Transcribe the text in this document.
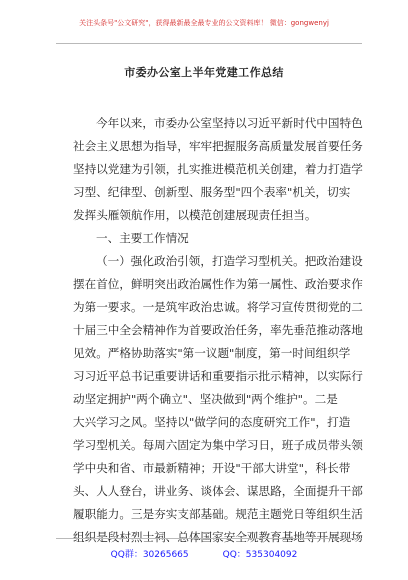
关注头条号"公文研究"，获得最新最全最专业的公文资料库！ 微信：gongwenyj
市委办公室上半年党建工作总结
今年以来，市委办公室坚持以习近平新时代中国特色
社会主义思想为指导，牢牢把握服务高质量发展首要任务
坚持以党建为引领，扎实推进模范机关创建，着力打造学
习型、纪律型、创新型、服务型"四个表率"机关，切实
发挥头雁领航作用，以模范创建展现责任担当。
一、主要工作情况
（一）强化政治引领，打造学习型机关。把政治建设
摆在首位，鲜明突出政治属性作为第一属性、政治要求作
为第一要求。一是筑牢政治忠诚。将学习宣传贯彻党的二
十届三中全会精神作为首要政治任务，率先垂范推动落地
见效。严格协助落实"第一议题"制度，第一时间组织学
习习近平总书记重要讲话和重要指示批示精神，以实际行
动坚定拥护"两个确立"、坚决做到"两个维护"。二是
大兴学习之风。坚持以"做学问的态度研究工作"，打造
学习型机关。每周六固定为集中学习日，班子成员带头领
学中央和省、市最新精神；开设"干部大讲堂"，科长带
头、人人登台，讲业务、谈体会、谋思路，全面提升干部
履职能力。三是夯实支部基础。规范主题党日等组织生活
组织是段村烈士祠、总体国家安全观教育基地等开展现场
QQ群：30265665	QQ：535304092
